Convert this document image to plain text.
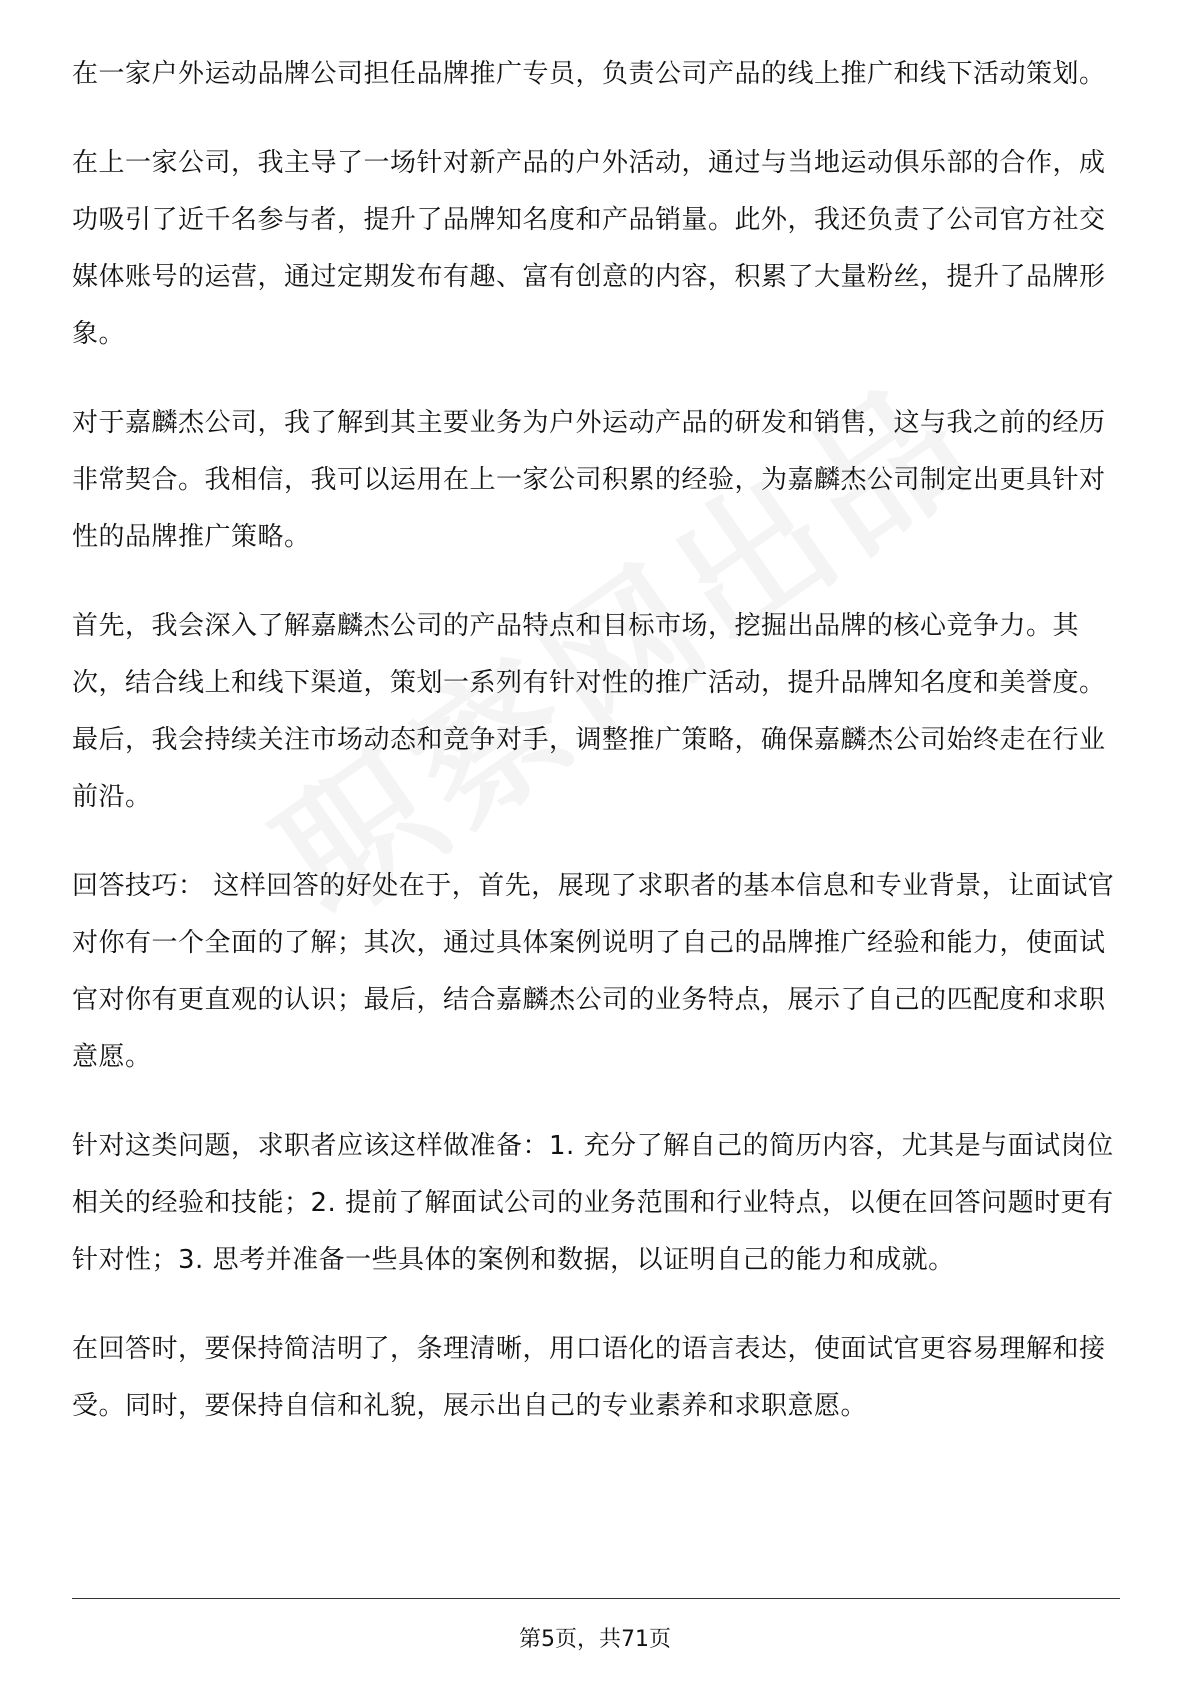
在一家户外运动品牌公司担任品牌推广专员，负责公司产品的线上推广和线下活动策划。

在上一家公司，我主导了一场针对新产品的户外活动，通过与当地运动俱乐部的合作，成功吸引了近千名参与者，提升了品牌知名度和产品销量。此外，我还负责了公司官方社交媒体账号的运营，通过定期发布有趣、富有创意的内容，积累了大量粉丝，提升了品牌形象。

对于嘉麟杰公司，我了解到其主要业务为户外运动产品的研发和销售，这与我之前的经历非常契合。我相信，我可以运用在上一家公司积累的经验，为嘉麟杰公司制定出更具针对性的品牌推广策略。

首先，我会深入了解嘉麟杰公司的产品特点和目标市场，挖掘出品牌的核心竞争力。其次，结合线上和线下渠道，策划一系列有针对性的推广活动，提升品牌知名度和美誉度。最后，我会持续关注市场动态和竞争对手，调整推广策略，确保嘉麟杰公司始终走在行业前沿。

回答技巧： 这样回答的好处在于，首先，展现了求职者的基本信息和专业背景，让面试官对你有一个全面的了解；其次，通过具体案例说明了自己的品牌推广经验和能力，使面试官对你有更直观的认识；最后，结合嘉麟杰公司的业务特点，展示了自己的匹配度和求职意愿。

针对这类问题，求职者应该这样做准备：1. 充分了解自己的简历内容，尤其是与面试岗位相关的经验和技能；2. 提前了解面试公司的业务范围和行业特点，以便在回答问题时更有针对性；3. 思考并准备一些具体的案例和数据，以证明自己的能力和成就。

在回答时，要保持简洁明了，条理清晰，用口语化的语言表达，使面试官更容易理解和接受。同时，要保持自信和礼貌，展示出自己的专业素养和求职意愿。

第5页，共71页
